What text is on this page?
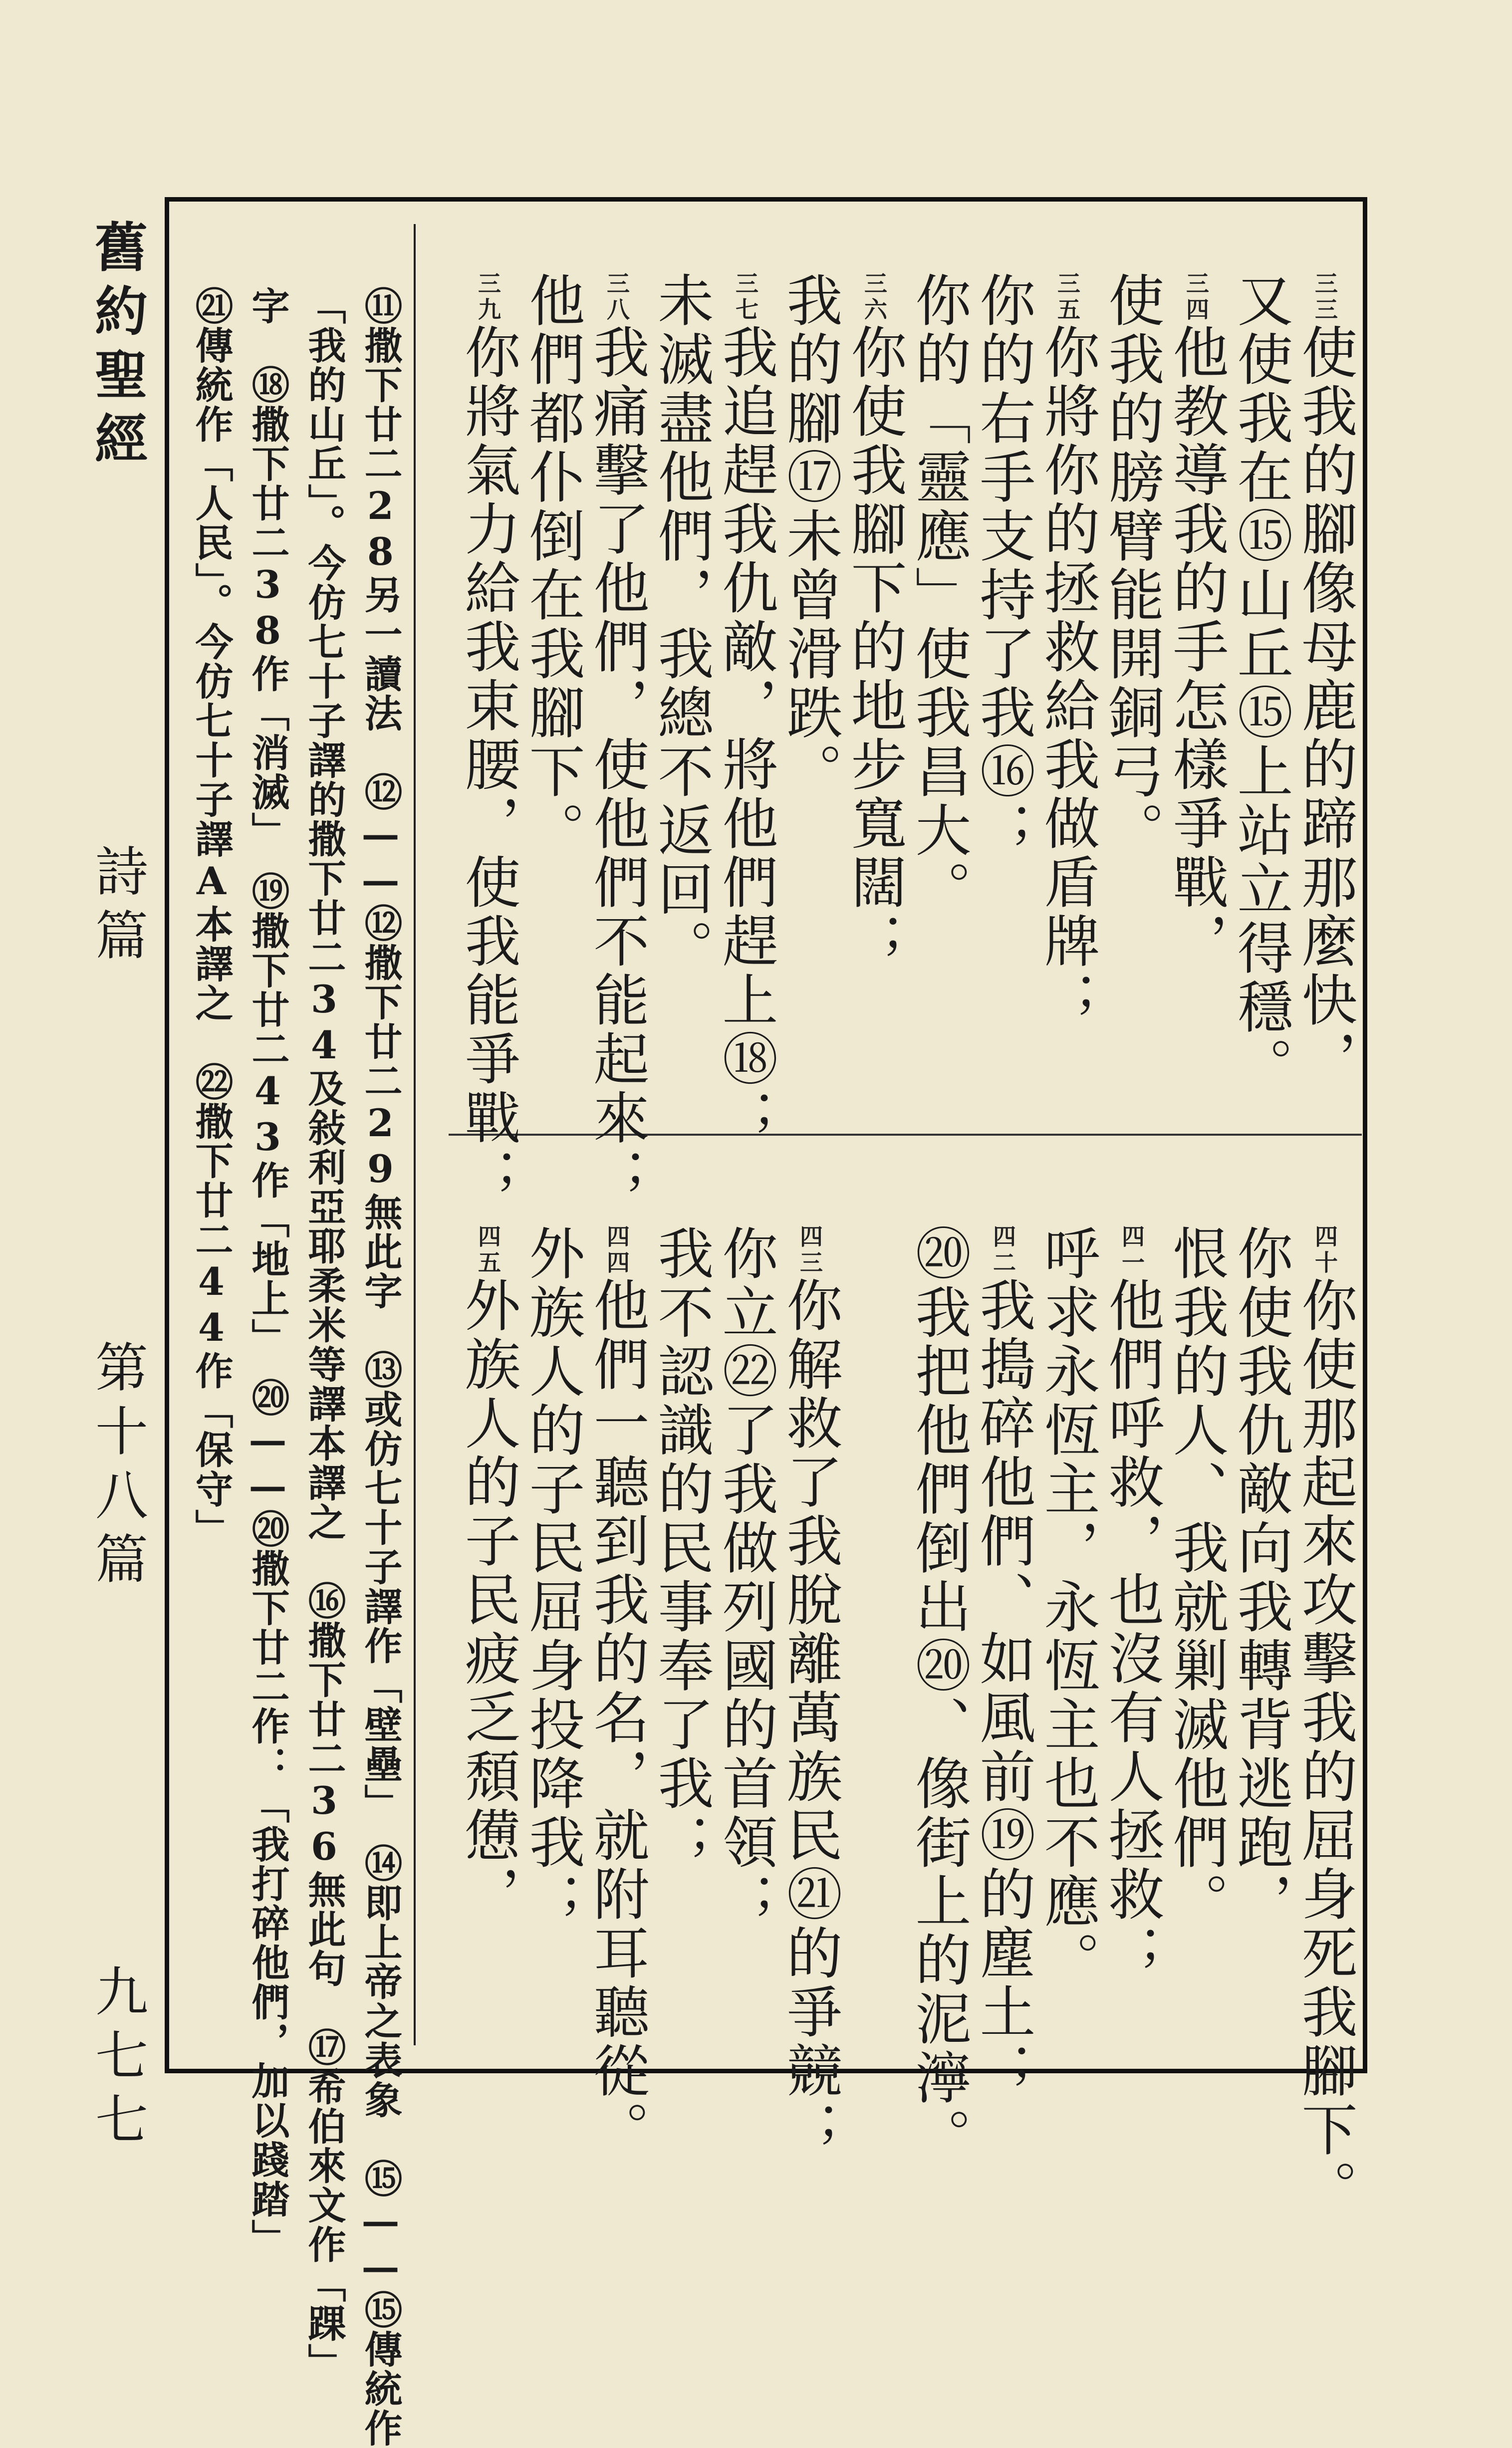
舊約聖經
詩篇
第十八篇
九七七
三三使我的腳像母鹿的蹄那麼快，
又使我在⑮山丘⑮上站立得穩。
三四他教導我的手怎樣爭戰，
使我的膀臂能開銅弓。
三五你將你的拯救給我做盾牌；
你的右手支持了我⑯；
你的「靈應」使我昌大。
三六你使我腳下的地步寬闊；
我的腳⑰未曾滑跌。
三七我追趕我仇敵，將他們趕上⑱；
未滅盡他們，我總不返回。
三八我痛擊了他們，使他們不能起來；
他們都仆倒在我腳下。
三九你將氣力給我束腰，使我能爭戰；
四十你使那起來攻擊我的屈身死我腳下。
你使我仇敵向我轉背逃跑，
恨我的人、我就剿滅他們。
四一他們呼救，也沒有人拯救；
呼求永恆主，永恆主也不應。
四二我搗碎他們、如風前⑲的塵土；
⑳我把他們倒出⑳、像街上的泥濘。
四三你解救了我脫離萬族民㉑的爭競；
你立㉒了我做列國的首領；
我不認識的民事奉了我；
四四他們一聽到我的名，就附耳聽從。
外族人的子民屈身投降我；
四五外族人的子民疲乏頹憊，
⑪撒下廿二28另一讀法　⑫——⑫撒下廿二29無此字　⑬或仿七十子譯作「壁壘」　⑭即上帝之表象　⑮——⑮傳統作
「我的山丘」。今仿七十子譯的撒下廿二34及敍利亞耶柔米等譯本譯之　⑯撒下廿二36無此句　⑰希伯來文作「踝」
字　⑱撒下廿二38作「消滅」　⑲撒下廿二43作「地上」　⑳——⑳撒下廿二作：「我打碎他們，加以踐踏」
㉑傳統作「人民」。今仿七十子譯A本譯之　㉒撒下廿二44作「保守」
